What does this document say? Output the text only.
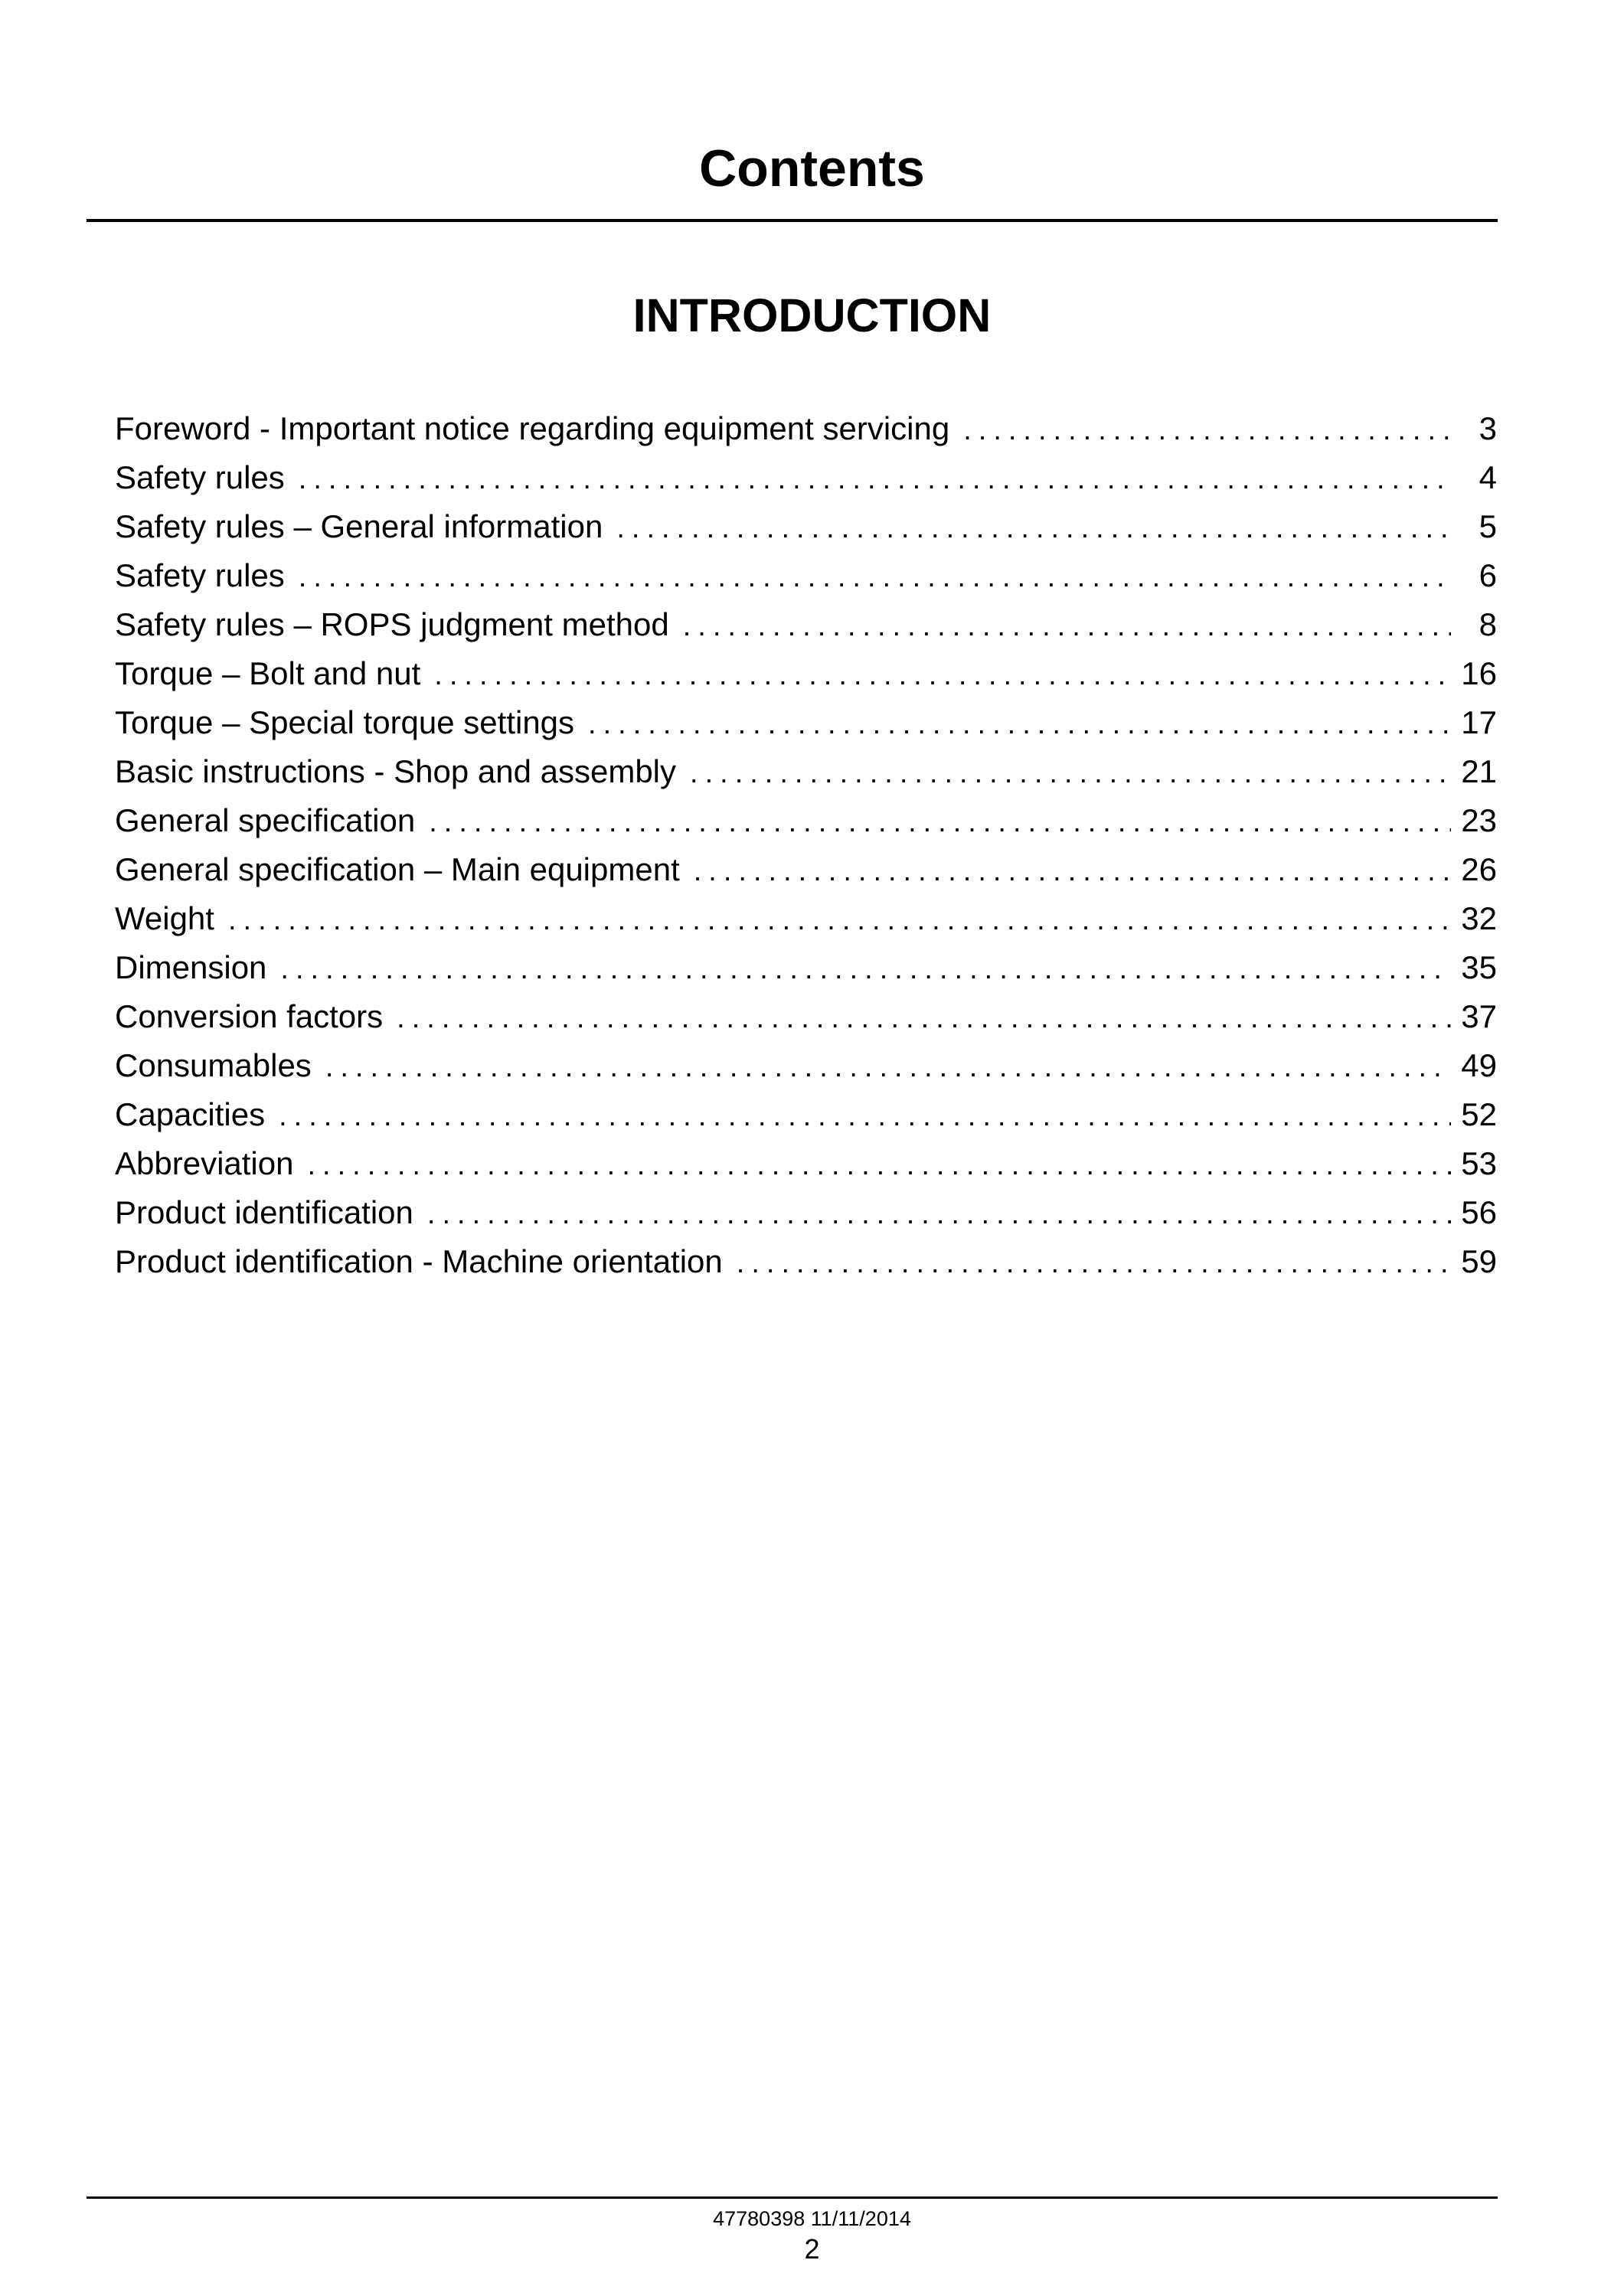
Contents
INTRODUCTION
Foreword - Important notice regarding equipment servicing .....	3
Safety rules .....	4
Safety rules – General information .....	5
Safety rules .....	6
Safety rules – ROPS judgment method .....	8
Torque – Bolt and nut .....	16
Torque – Special torque settings .....	17
Basic instructions - Shop and assembly .....	21
General specification .....	23
General specification – Main equipment .....	26
Weight .....	32
Dimension .....	35
Conversion factors .....	37
Consumables .....	49
Capacities .....	52
Abbreviation .....	53
Product identification .....	56
Product identification - Machine orientation .....	59
47780398 11/11/2014
2
